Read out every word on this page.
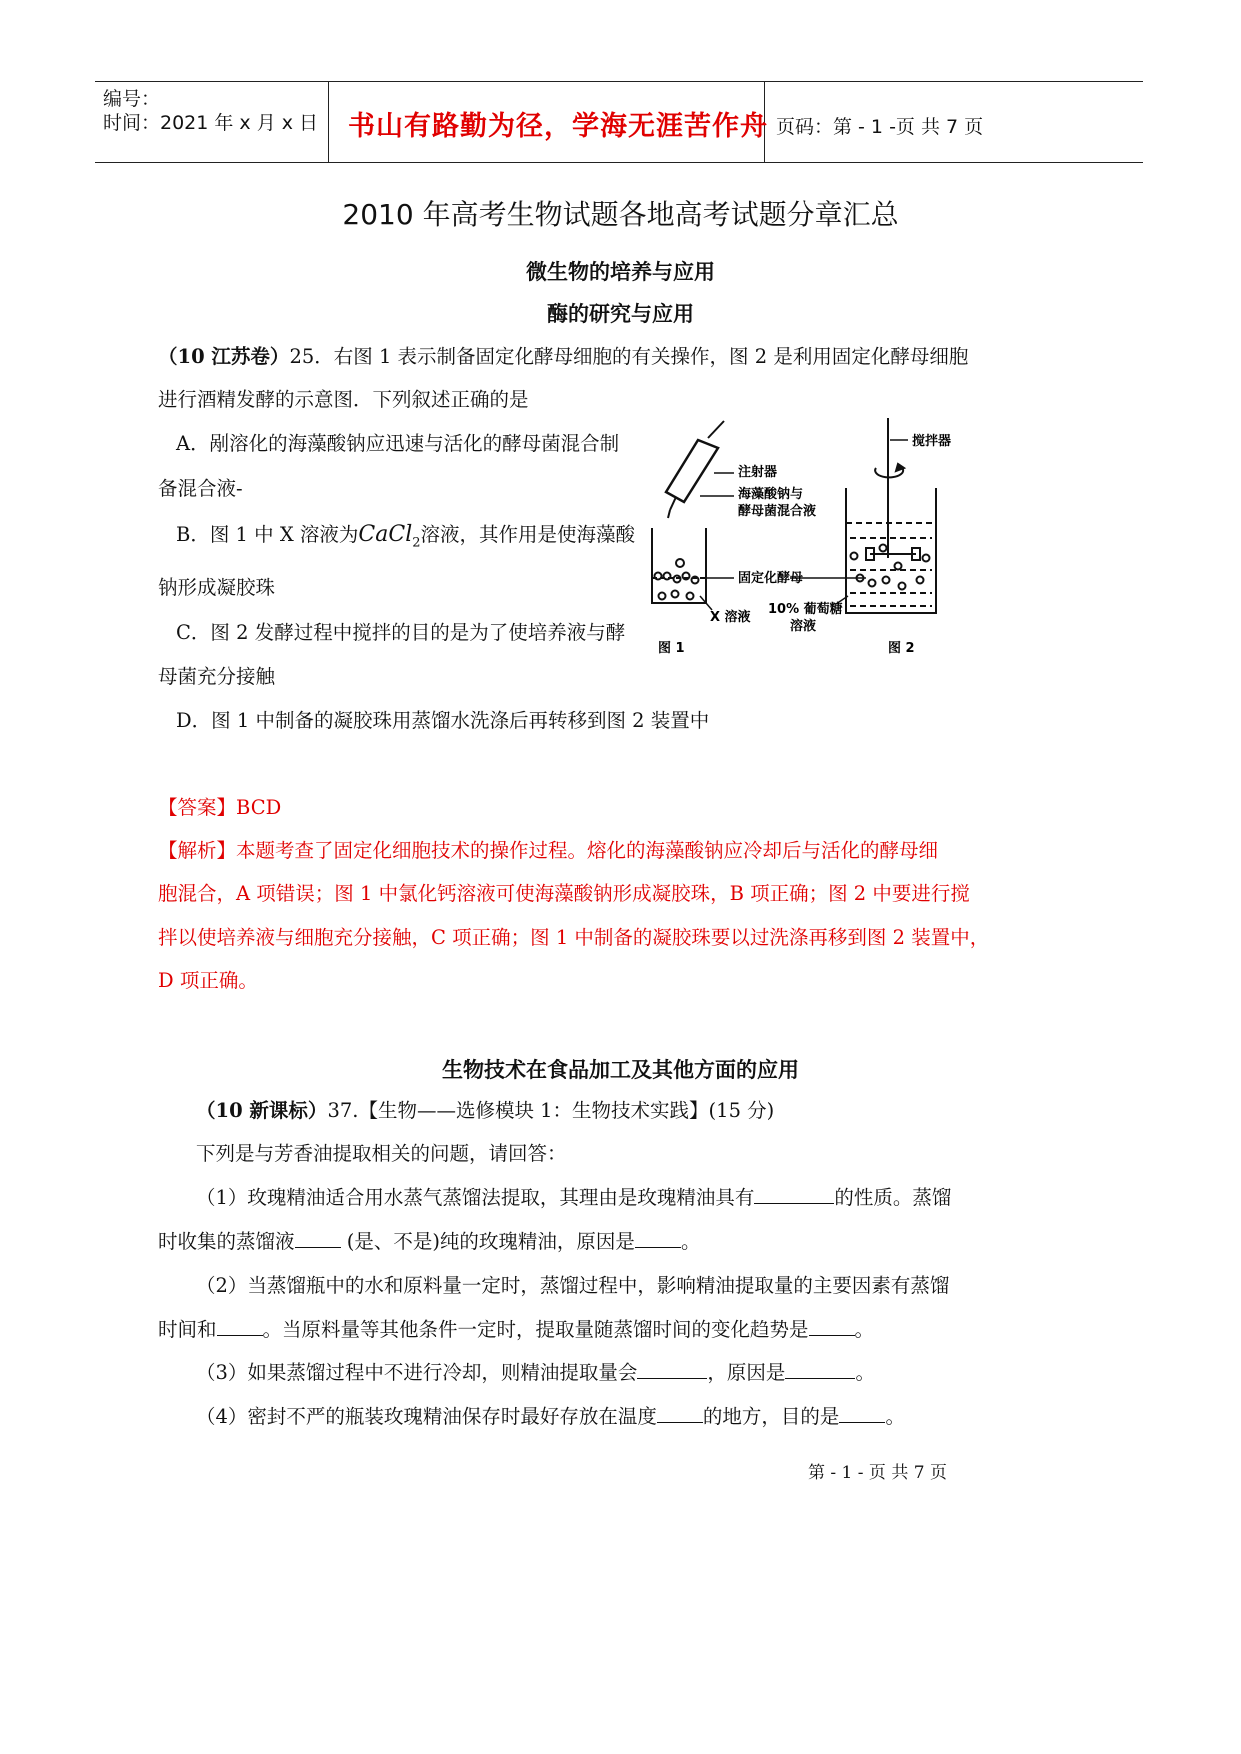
编号：
时间：2021 年 x 月 x 日 书山有路勤为径，学海无涯苦作舟 页码：第 - 1 -页 共 7 页
2010 年高考生物试题各地高考试题分章汇总
微生物的培养与应用
酶的研究与应用
（10 江苏卷）25．右图 1 表示制备固定化酵母细胞的有关操作，图 2 是利用固定化酵母细胞
进行酒精发酵的示意图．下列叙述正确的是
A．剐溶化的海藻酸钠应迅速与活化的酵母菌混合制
备混合液-
B．图 1 中 X 溶液为CaCl$_2$溶液，其作用是使海藻酸
钠形成凝胶珠
C．图 2 发酵过程中搅拌的目的是为了使培养液与酵
母菌充分接触
D．图 1 中制备的凝胶珠用蒸馏水洗涤后再转移到图 2 装置中
注射器
海藻酸钠与
酵母菌混合液
固定化酵母
X 溶液
10% 葡萄糖
溶液
搅拌器
图 1	图 2
【答案】BCD
【解析】本题考查了固定化细胞技术的操作过程。熔化的海藻酸钠应冷却后与活化的酵母细
胞混合，A 项错误；图 1 中氯化钙溶液可使海藻酸钠形成凝胶珠，B 项正确；图 2 中要进行搅
拌以使培养液与细胞充分接触，C 项正确；图 1 中制备的凝胶珠要以过洗涤再移到图 2 装置中，
D 项正确。
生物技术在食品加工及其他方面的应用
（10 新课标）37.【生物——选修模块 1：生物技术实践】(15 分)
下列是与芳香油提取相关的问题，请回答：
（1）玫瑰精油适合用水蒸气蒸馏法提取，其理由是玫瑰精油具有	的性质。蒸馏
时收集的蒸馏液 (是、不是)纯的玫瑰精油，原因是 。
（2）当蒸馏瓶中的水和原料量一定时，蒸馏过程中，影响精油提取量的主要因素有蒸馏
时间和 。当原料量等其他条件一定时，提取量随蒸馏时间的变化趋势是 。
（3）如果蒸馏过程中不进行冷却，则精油提取量会	，原因是	。
（4）密封不严的瓶装玫瑰精油保存时最好存放在温度 的地方，目的是 。
第 - 1 - 页 共 7 页
